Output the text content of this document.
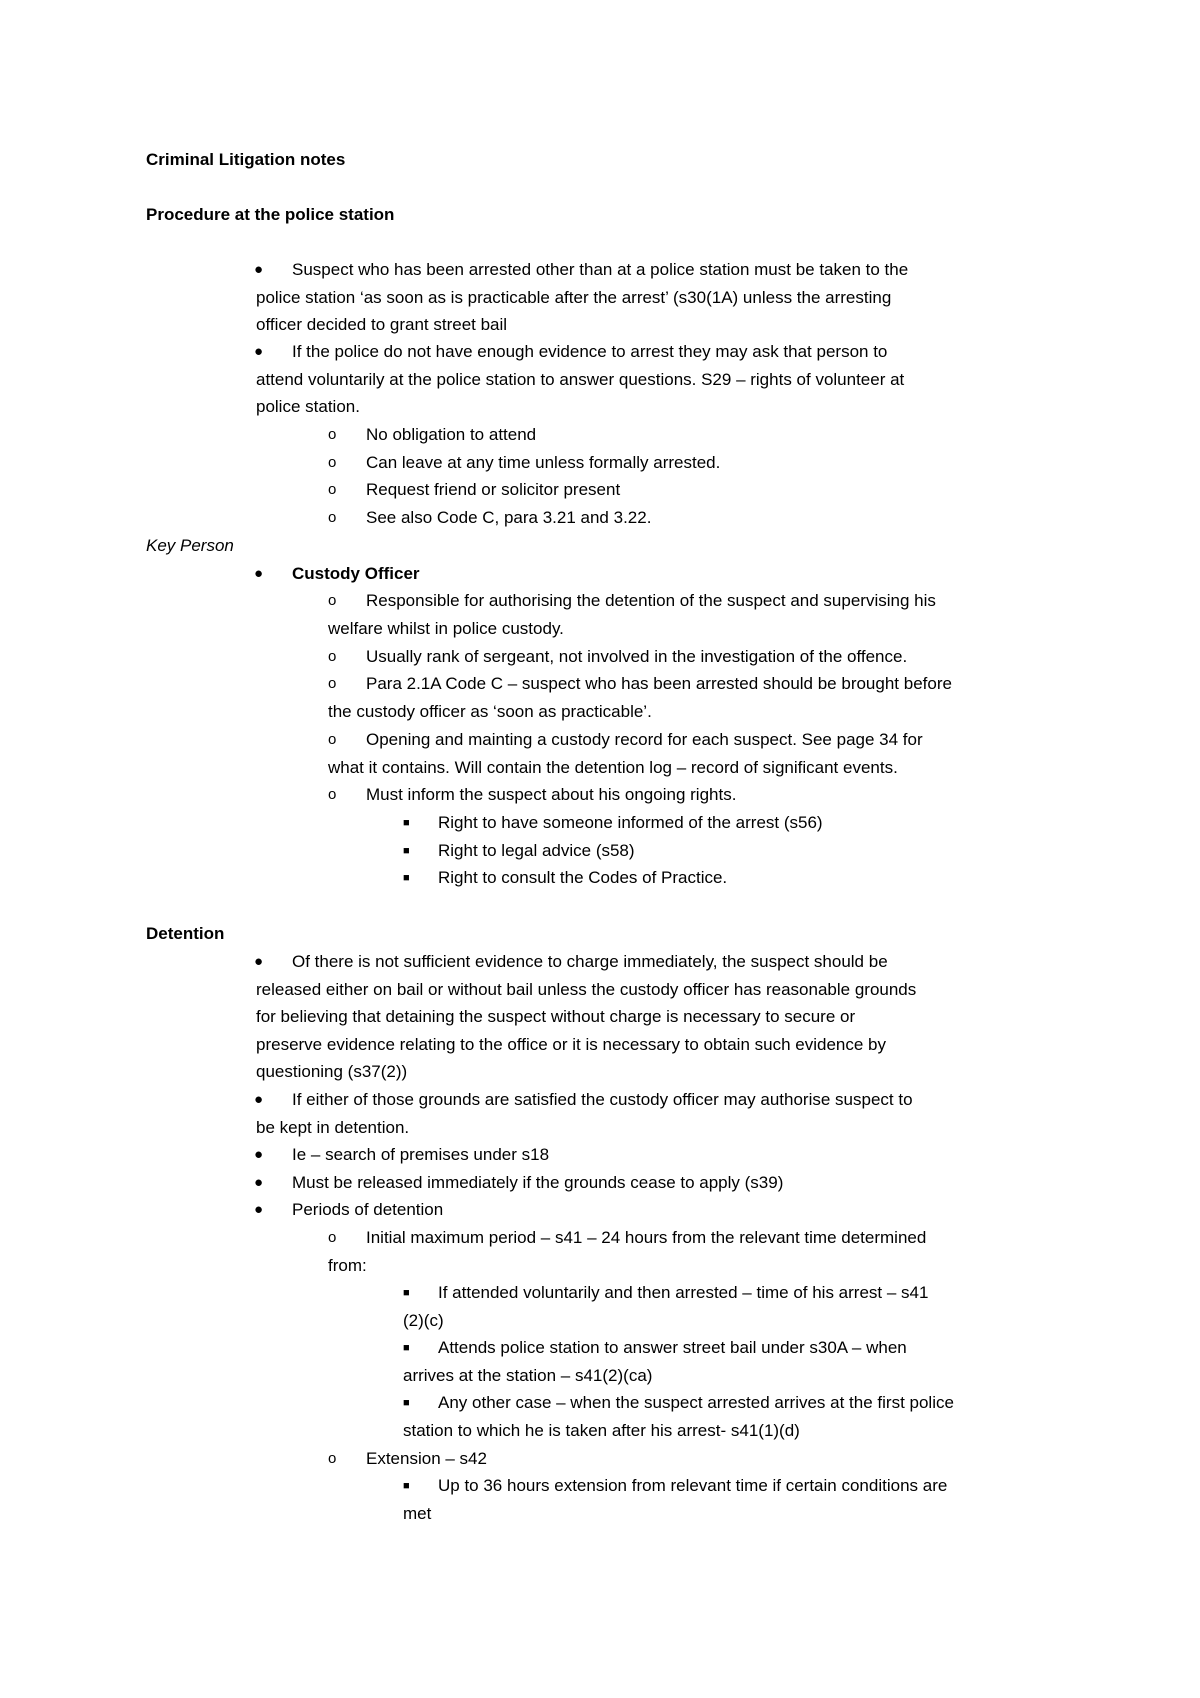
Criminal Litigation notes
Procedure at the police station
● Suspect who has been arrested other than at a police station must be taken to the
police station ‘as soon as is practicable after the arrest’ (s30(1A) unless the arresting
officer decided to grant street bail
● If the police do not have enough evidence to arrest they may ask that person to
attend voluntarily at the police station to answer questions. S29 – rights of volunteer at
police station.
o No obligation to attend
o Can leave at any time unless formally arrested.
o Request friend or solicitor present
o See also Code C, para 3.21 and 3.22.
Key Person
● Custody Officer
o Responsible for authorising the detention of the suspect and supervising his
welfare whilst in police custody.
o Usually rank of sergeant, not involved in the investigation of the offence.
o Para 2.1A Code C – suspect who has been arrested should be brought before
the custody officer as ‘soon as practicable’.
o Opening and mainting a custody record for each suspect. See page 34 for
what it contains. Will contain the detention log – record of significant events.
o Must inform the suspect about his ongoing rights.
■ Right to have someone informed of the arrest (s56)
■ Right to legal advice (s58)
■ Right to consult the Codes of Practice.
Detention
● Of there is not sufficient evidence to charge immediately, the suspect should be
released either on bail or without bail unless the custody officer has reasonable grounds
for believing that detaining the suspect without charge is necessary to secure or
preserve evidence relating to the office or it is necessary to obtain such evidence by
questioning (s37(2))
● If either of those grounds are satisfied the custody officer may authorise suspect to
be kept in detention.
● Ie – search of premises under s18
● Must be released immediately if the grounds cease to apply (s39)
● Periods of detention
o Initial maximum period – s41 – 24 hours from the relevant time determined
from:
■ If attended voluntarily and then arrested – time of his arrest – s41
(2)(c)
■ Attends police station to answer street bail under s30A – when
arrives at the station – s41(2)(ca)
■ Any other case – when the suspect arrested arrives at the first police
station to which he is taken after his arrest- s41(1)(d)
o Extension – s42
■ Up to 36 hours extension from relevant time if certain conditions are
met
